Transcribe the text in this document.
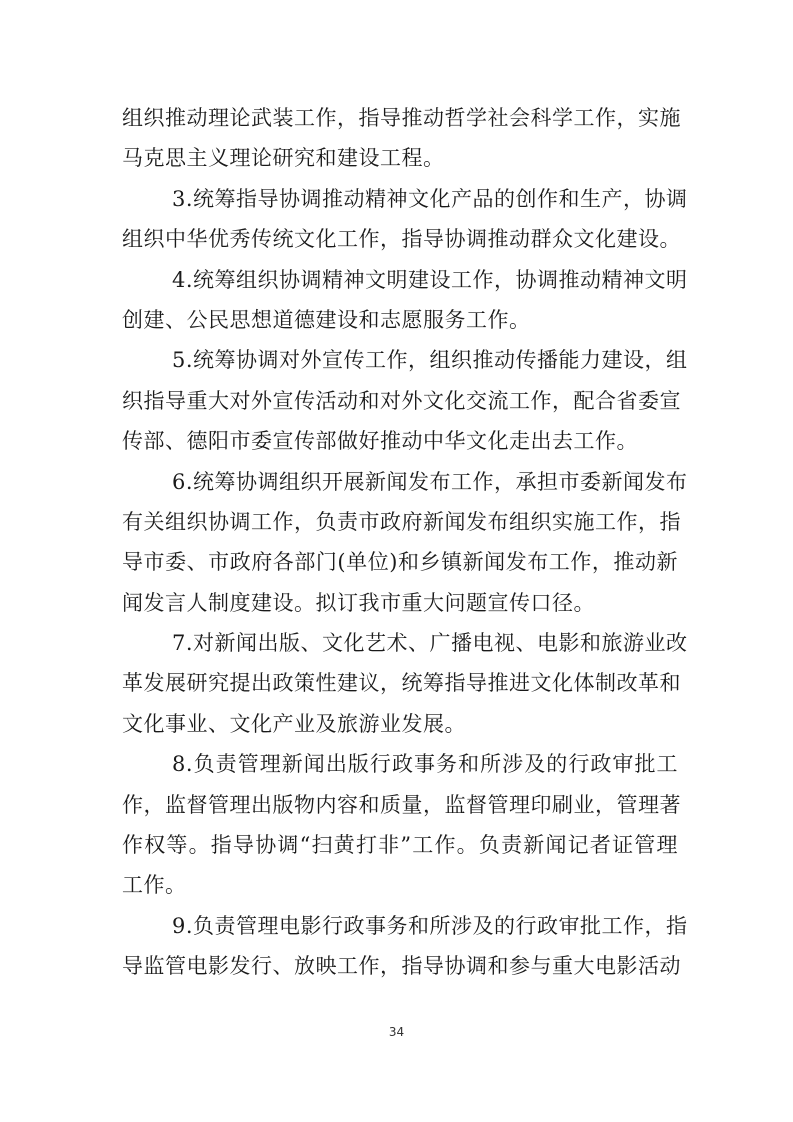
组织推动理论武装工作，指导推动哲学社会科学工作，实施
马克思主义理论研究和建设工程。
3.统筹指导协调推动精神文化产品的创作和生产，协调
组织中华优秀传统文化工作，指导协调推动群众文化建设。
4.统筹组织协调精神文明建设工作，协调推动精神文明
创建、公民思想道德建设和志愿服务工作。
5.统筹协调对外宣传工作，组织推动传播能力建设，组
织指导重大对外宣传活动和对外文化交流工作，配合省委宣
传部、德阳市委宣传部做好推动中华文化走出去工作。
6.统筹协调组织开展新闻发布工作，承担市委新闻发布
有关组织协调工作，负责市政府新闻发布组织实施工作，指
导市委、市政府各部门(单位)和乡镇新闻发布工作，推动新
闻发言人制度建设。拟订我市重大问题宣传口径。
7.对新闻出版、文化艺术、广播电视、电影和旅游业改
革发展研究提出政策性建议，统筹指导推进文化体制改革和
文化事业、文化产业及旅游业发展。
8.负责管理新闻出版行政事务和所涉及的行政审批工
作，监督管理出版物内容和质量，监督管理印刷业，管理著
作权等。指导协调“扫黄打非”工作。负责新闻记者证管理
工作。
9.负责管理电影行政事务和所涉及的行政审批工作，指
导监管电影发行、放映工作，指导协调和参与重大电影活动
34
